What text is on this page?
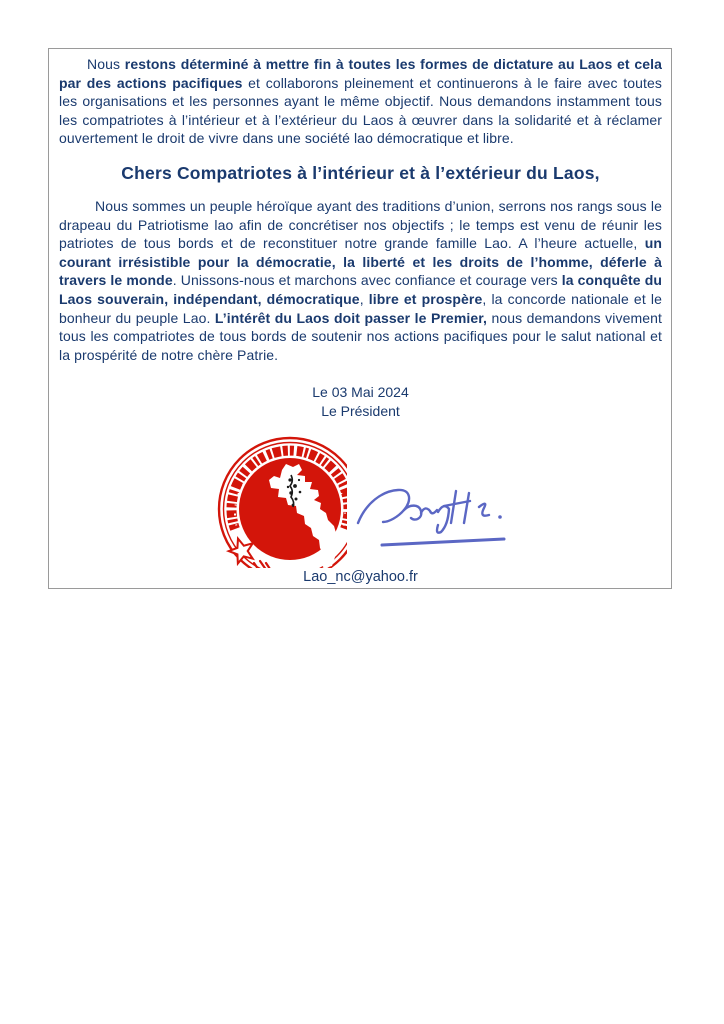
Nous restons déterminé à mettre fin à toutes les formes de dictature au Laos et cela par des actions pacifiques et collaborons pleinement et continuerons à le faire avec toutes les organisations et les personnes ayant le même objectif. Nous demandons instamment tous les compatriotes à l’intérieur et à l’extérieur du Laos à œuvrer dans la solidarité et à réclamer ouvertement le droit de vivre dans une société lao démocratique et libre.

Chers Compatriotes à l’intérieur et à l’extérieur du Laos,

Nous sommes un peuple héroïque ayant des traditions d’union, serrons nos rangs sous le drapeau du Patriotisme lao afin de concrétiser nos objectifs ; le temps est venu de réunir les patriotes de tous bords et de reconstituer notre grande famille Lao. A l’heure actuelle, un courant irrésistible pour la démocratie, la liberté et les droits de l’homme, déferle à travers le monde. Unissons-nous et marchons avec confiance et courage vers la conquête du Laos souverain, indépendant, démocratique, libre et prospère, la concorde nationale et le bonheur du peuple Lao. L’intérêt du Laos doit passer le Premier, nous demandons vivement tous les compatriotes de tous bords de soutenir nos actions pacifiques pour le salut national et la prospérité de notre chère Patrie.

Le 03 Mai 2024
Le Président
Lao_nc@yahoo.fr
